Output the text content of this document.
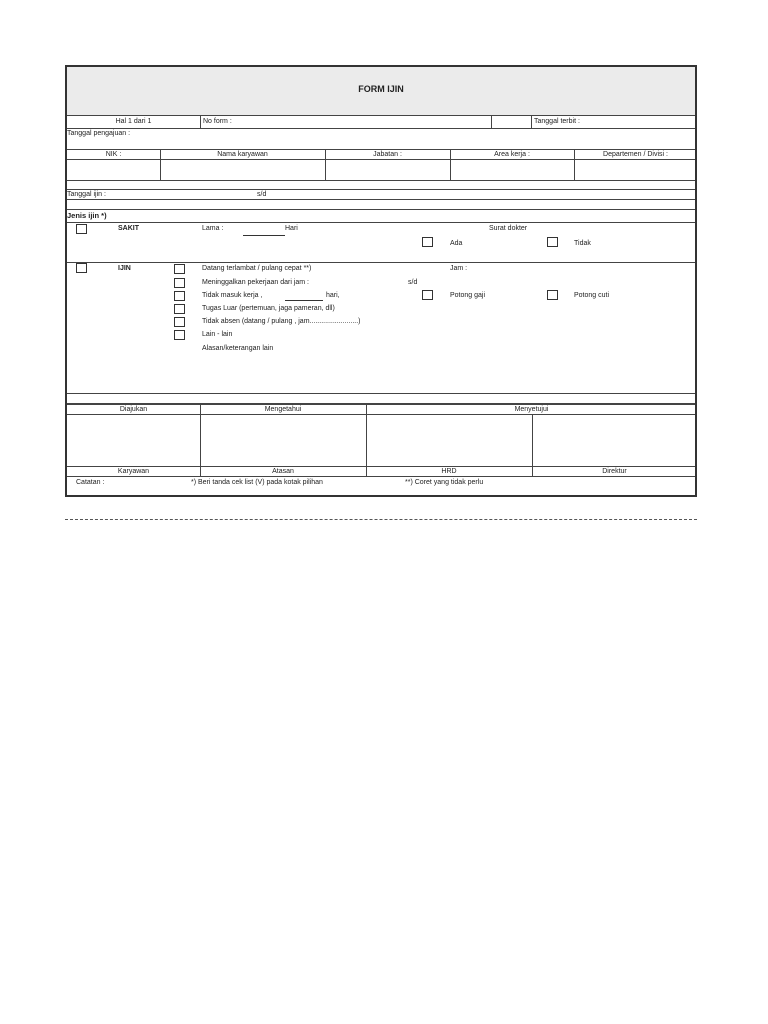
FORM IJIN
Hal 1 dari 1	No form :	Tanggal terbit :
Tanggal pengajuan :
NIK :	Nama karyawan	Jabatan :	Area kerja :	Departemen / Divisi :
Tanggal ijin :	s/d
Jenis ijin *)
SAKIT	Lama :	Hari	Surat dokter
Ada	Tidak
IJIN	Datang terlambat / pulang cepat **)	Jam :
Meninggalkan pekerjaan dari jam :	s/d
Tidak masuk kerja ,	hari,	Potong gaji	Potong cuti
Tugas Luar (pertemuan, jaga pameran, dll)
Tidak absen (datang / pulang , jam.........................)
Lain - lain
Alasan/keterangan lain
Diajukan	Mengetahui	Menyetujui
Karyawan	Atasan	HRD	Direktur
Catatan :	*) Beri tanda cek list (V) pada kotak pilihan	**) Coret yang tidak perlu
